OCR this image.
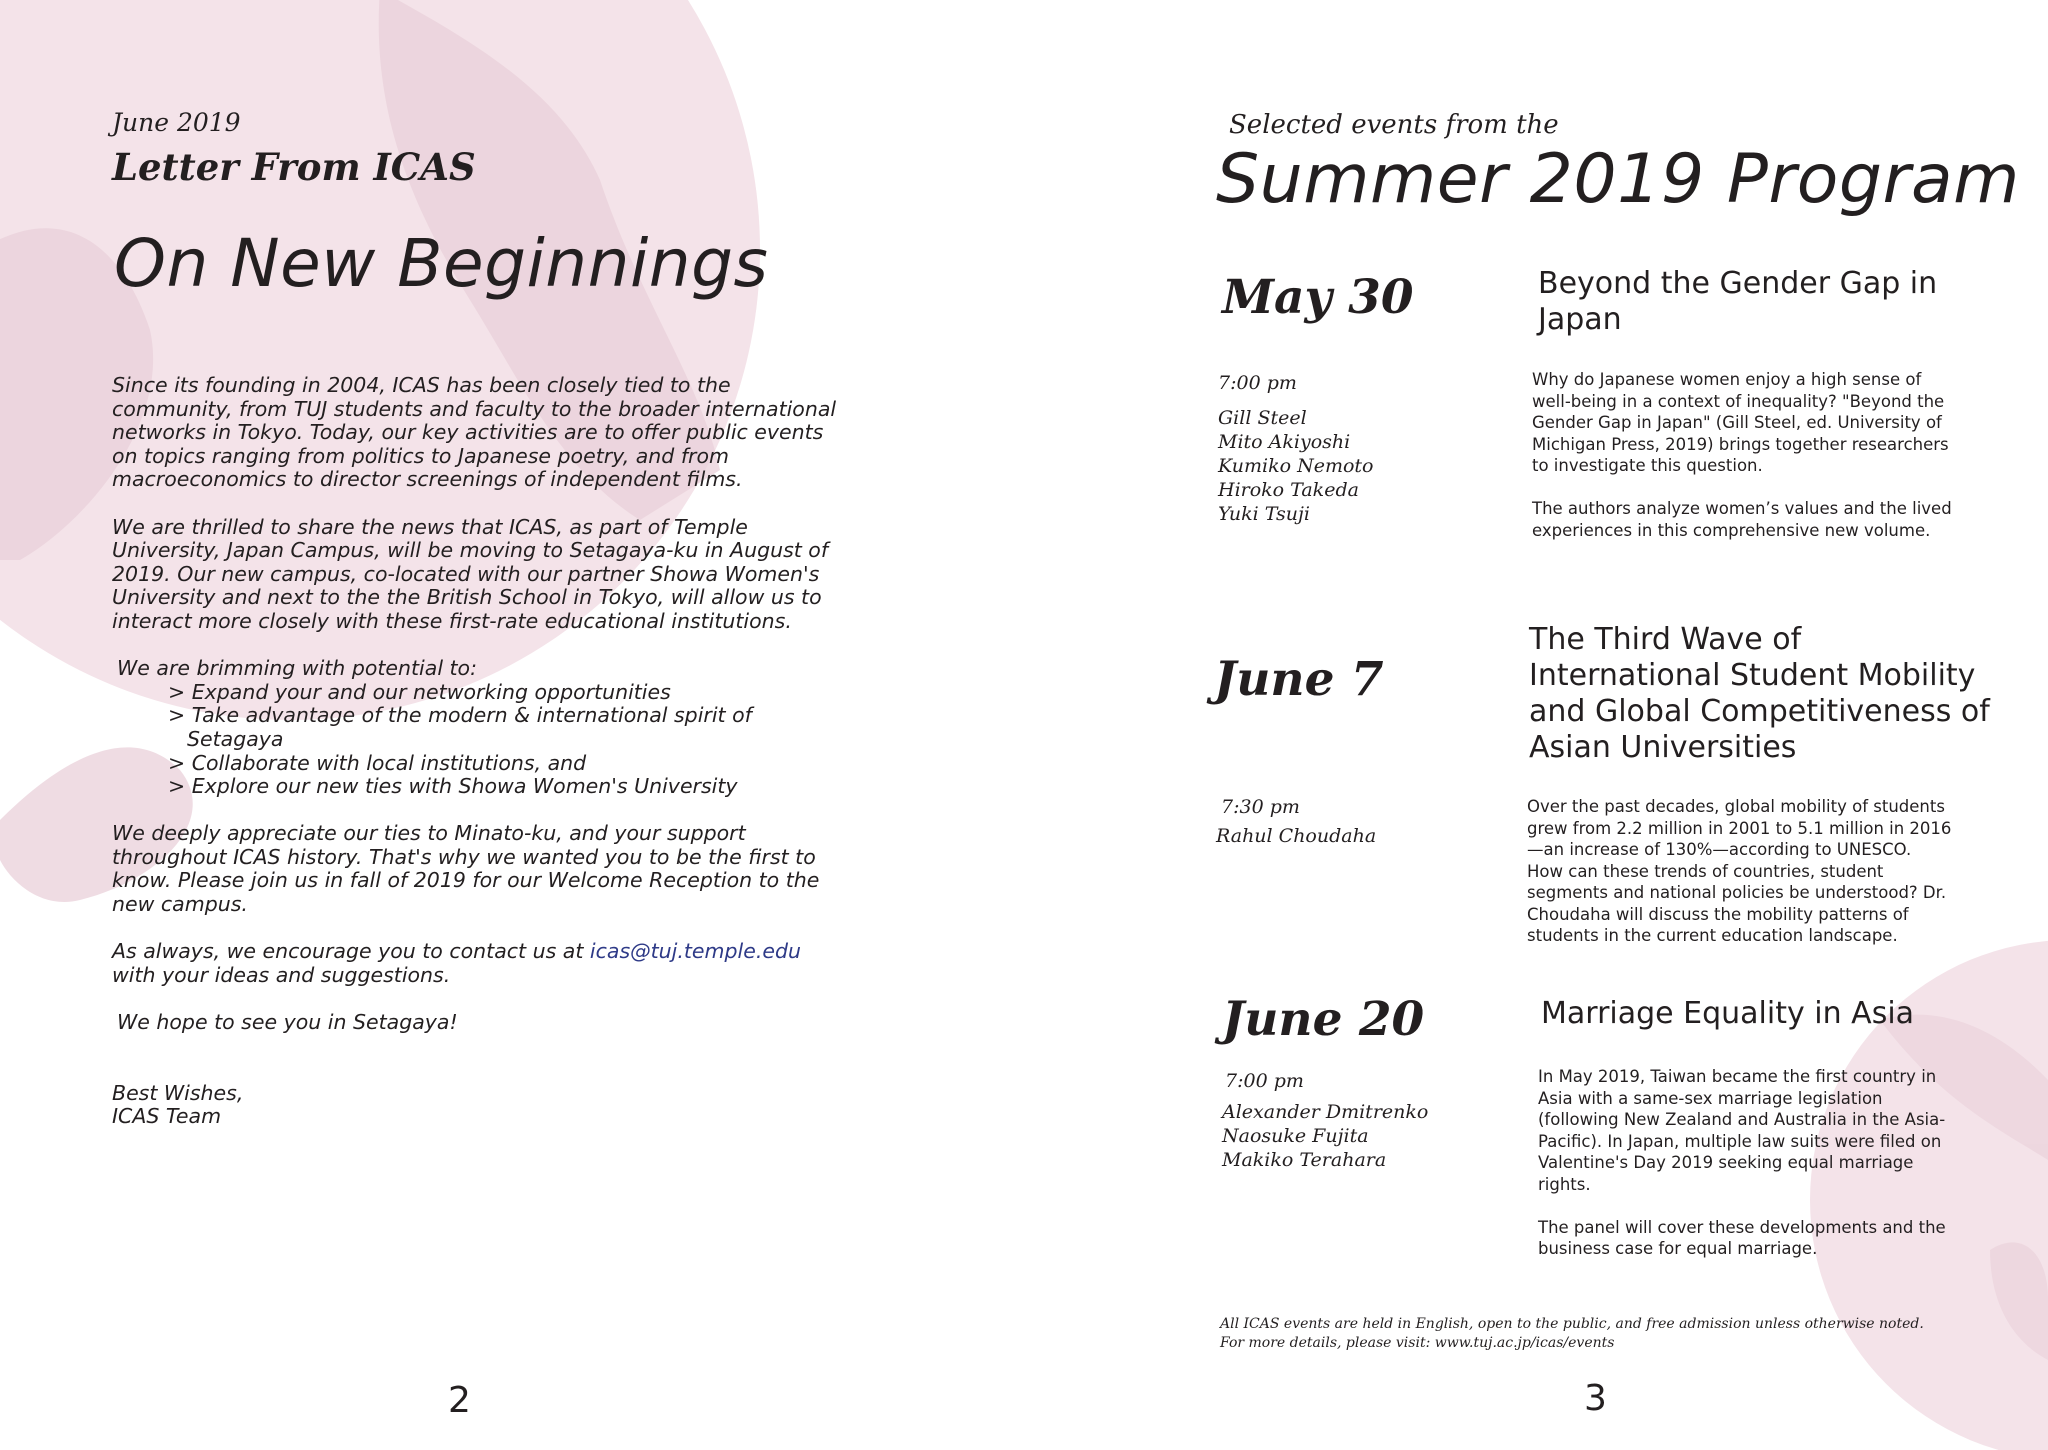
June 2019
Letter From ICAS
On New Beginnings

Since its founding in 2004, ICAS has been closely tied to the community, from TUJ students and faculty to the broader international networks in Tokyo. Today, our key activities are to offer public events on topics ranging from politics to Japanese poetry, and from macroeconomics to director screenings of independent films.

We are thrilled to share the news that ICAS, as part of Temple University, Japan Campus, will be moving to Setagaya-ku in August of 2019. Our new campus, co-located with our partner Showa Women's University and next to the the British School in Tokyo, will allow us to interact more closely with these first-rate educational institutions.

We are brimming with potential to:

> Expand your and our networking opportunities
> Take advantage of the modern & international spirit of
Setagaya
> Collaborate with local institutions, and
> Explore our new ties with Showa Women's University

We deeply appreciate our ties to Minato-ku, and your support throughout ICAS history. That's why we wanted you to be the first to know. Please join us in fall of 2019 for our Welcome Reception to the new campus.

As always, we encourage you to contact us at icas@tuj.temple.edu
with your ideas and suggestions.

We hope to see you in Setagaya!

Best Wishes,
ICAS Team

2
Selected events from the
Summer 2019 Program
May 30	Beyond the Gender Gap in Japan
7:00 pm
Gill Steel
Mito Akiyoshi
Kumiko Nemoto
Hiroko Takeda
Yuki Tsuji

Why do Japanese women enjoy a high sense of well-being in a context of inequality? "Beyond the Gender Gap in Japan" (Gill Steel, ed. University of Michigan Press, 2019) brings together researchers to investigate this question.

The authors analyze women’s values and the lived experiences in this comprehensive new volume.

June 7
The Third Wave of International Student Mobility and Global Competitiveness of Asian Universities
7:30 pm
Rahul Choudaha

Over the past decades, global mobility of students grew from 2.2 million in 2001 to 5.1 million in 2016—an increase of 130%—according to UNESCO. How can these trends of countries, student segments and national policies be understood? Dr. Choudaha will discuss the mobility patterns of students in the current education landscape.

June 20	Marriage Equality in Asia
7:00 pm
Alexander Dmitrenko
Naosuke Fujita
Makiko Terahara

In May 2019, Taiwan became the first country in Asia with a same-sex marriage legislation (following New Zealand and Australia in the Asia-Pacific). In Japan, multiple law suits were filed on Valentine's Day 2019 seeking equal marriage rights.

The panel will cover these developments and the business case for equal marriage.

All ICAS events are held in English, open to the public, and free admission unless otherwise noted.
For more details, please visit: www.tuj.ac.jp/icas/events
3
